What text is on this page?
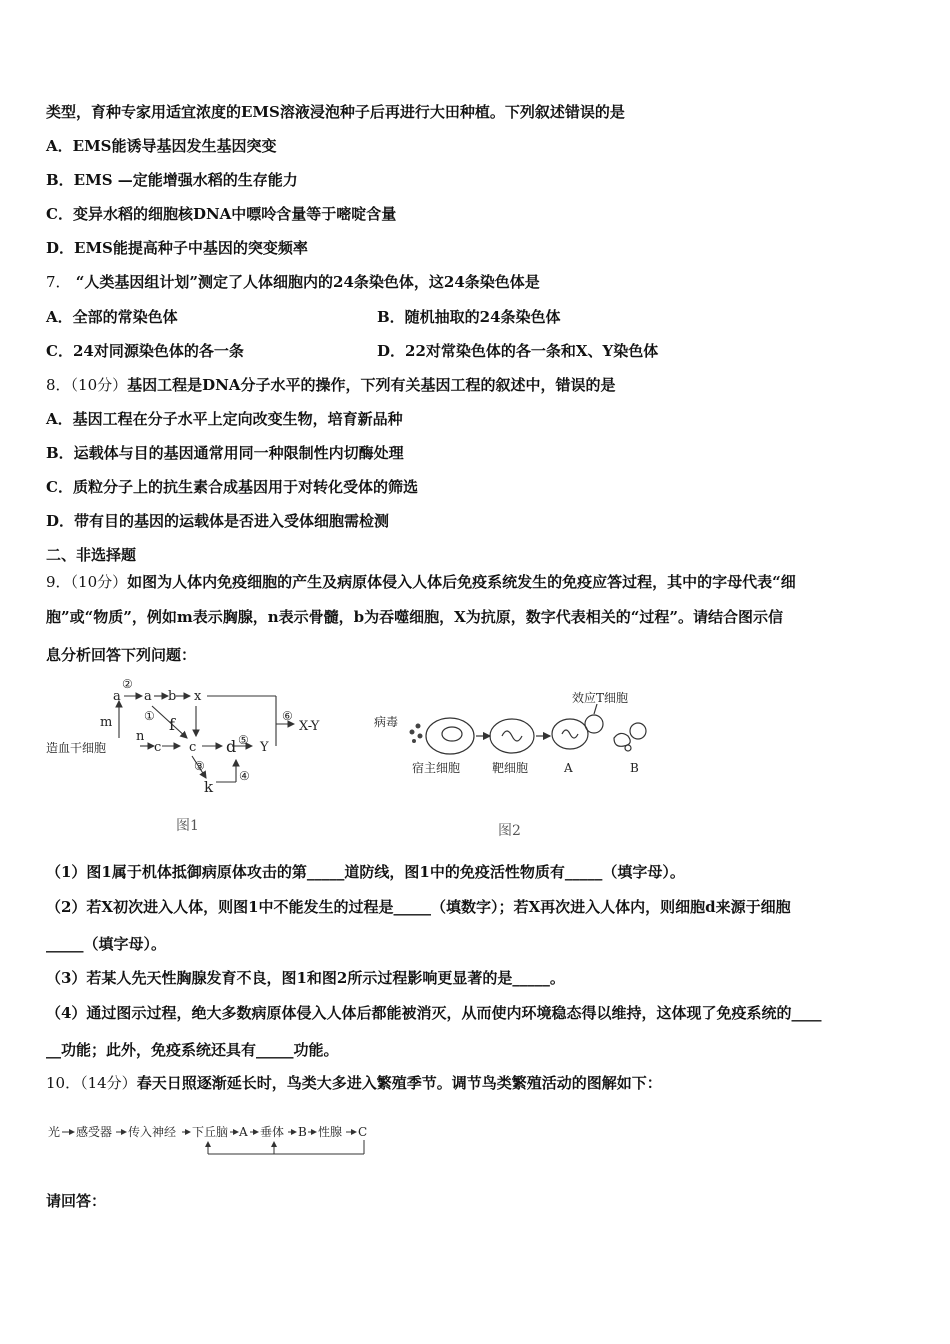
类型，育种专家用适宜浓度的EMS溶液浸泡种子后再进行大田种植。下列叙述错误的是
A．EMS能诱导基因发生基因突变
B．EMS —定能增强水稻的生存能力
C．变异水稻的细胞核DNA中嘌呤含量等于嘧啶含量
D．EMS能提高种子中基因的突变频率
7． “人类基因组计划”测定了人体细胞内的24条染色体，这24条染色体是
A．全部的常染色体	B．随机抽取的24条染色体
C．24对同源染色体的各一条	D．22对常染色体的各一条和X、Y染色体
8．（10分）基因工程是DNA分子水平的操作，下列有关基因工程的叙述中，错误的是
A．基因工程在分子水平上定向改变生物，培育新品种
B．运载体与目的基因通常用同一种限制性内切酶处理
C．质粒分子上的抗生素合成基因用于对转化受体的筛选
D．带有目的基因的运载体是否进入受体细胞需检测
二、非选择题
9．（10分）如图为人体内免疫细胞的产生及病原体侵入人体后免疫系统发生的免疫应答过程，其中的字母代表“细
胞”或“物质”，例如m表示胸腺，n表示骨髓，b为吞噬细胞，X为抗原，数字代表相关的“过程”。请结合图示信
息分析回答下列问题：
a
②
a b x
m	① f	⑥
X-Y
造血干细胞
n
c c d ⑤ Y
③
k
④
图1
病毒
宿主细胞	靶细胞
效应T细胞
A	B
图2
（1）图1属于机体抵御病原体攻击的第_____道防线，图1中的免疫活性物质有_____（填字母）。
（2）若X初次进入人体，则图1中不能发生的过程是_____（填数字）；若X再次进入人体内，则细胞d来源于细胞
_____（填字母）。
（3）若某人先天性胸腺发育不良，图1和图2所示过程影响更显著的是_____。
（4）通过图示过程，绝大多数病原体侵入人体后都能被消灭，从而使内环境稳态得以维持，这体现了免疫系统的____
__功能；此外，免疫系统还具有_____功能。
10．（14分）春天日照逐渐延长时，鸟类大多进入繁殖季节。调节鸟类繁殖活动的图解如下：
光 感受器 传入神经 下丘脑 A 垂体 B 性腺 C
请回答：
